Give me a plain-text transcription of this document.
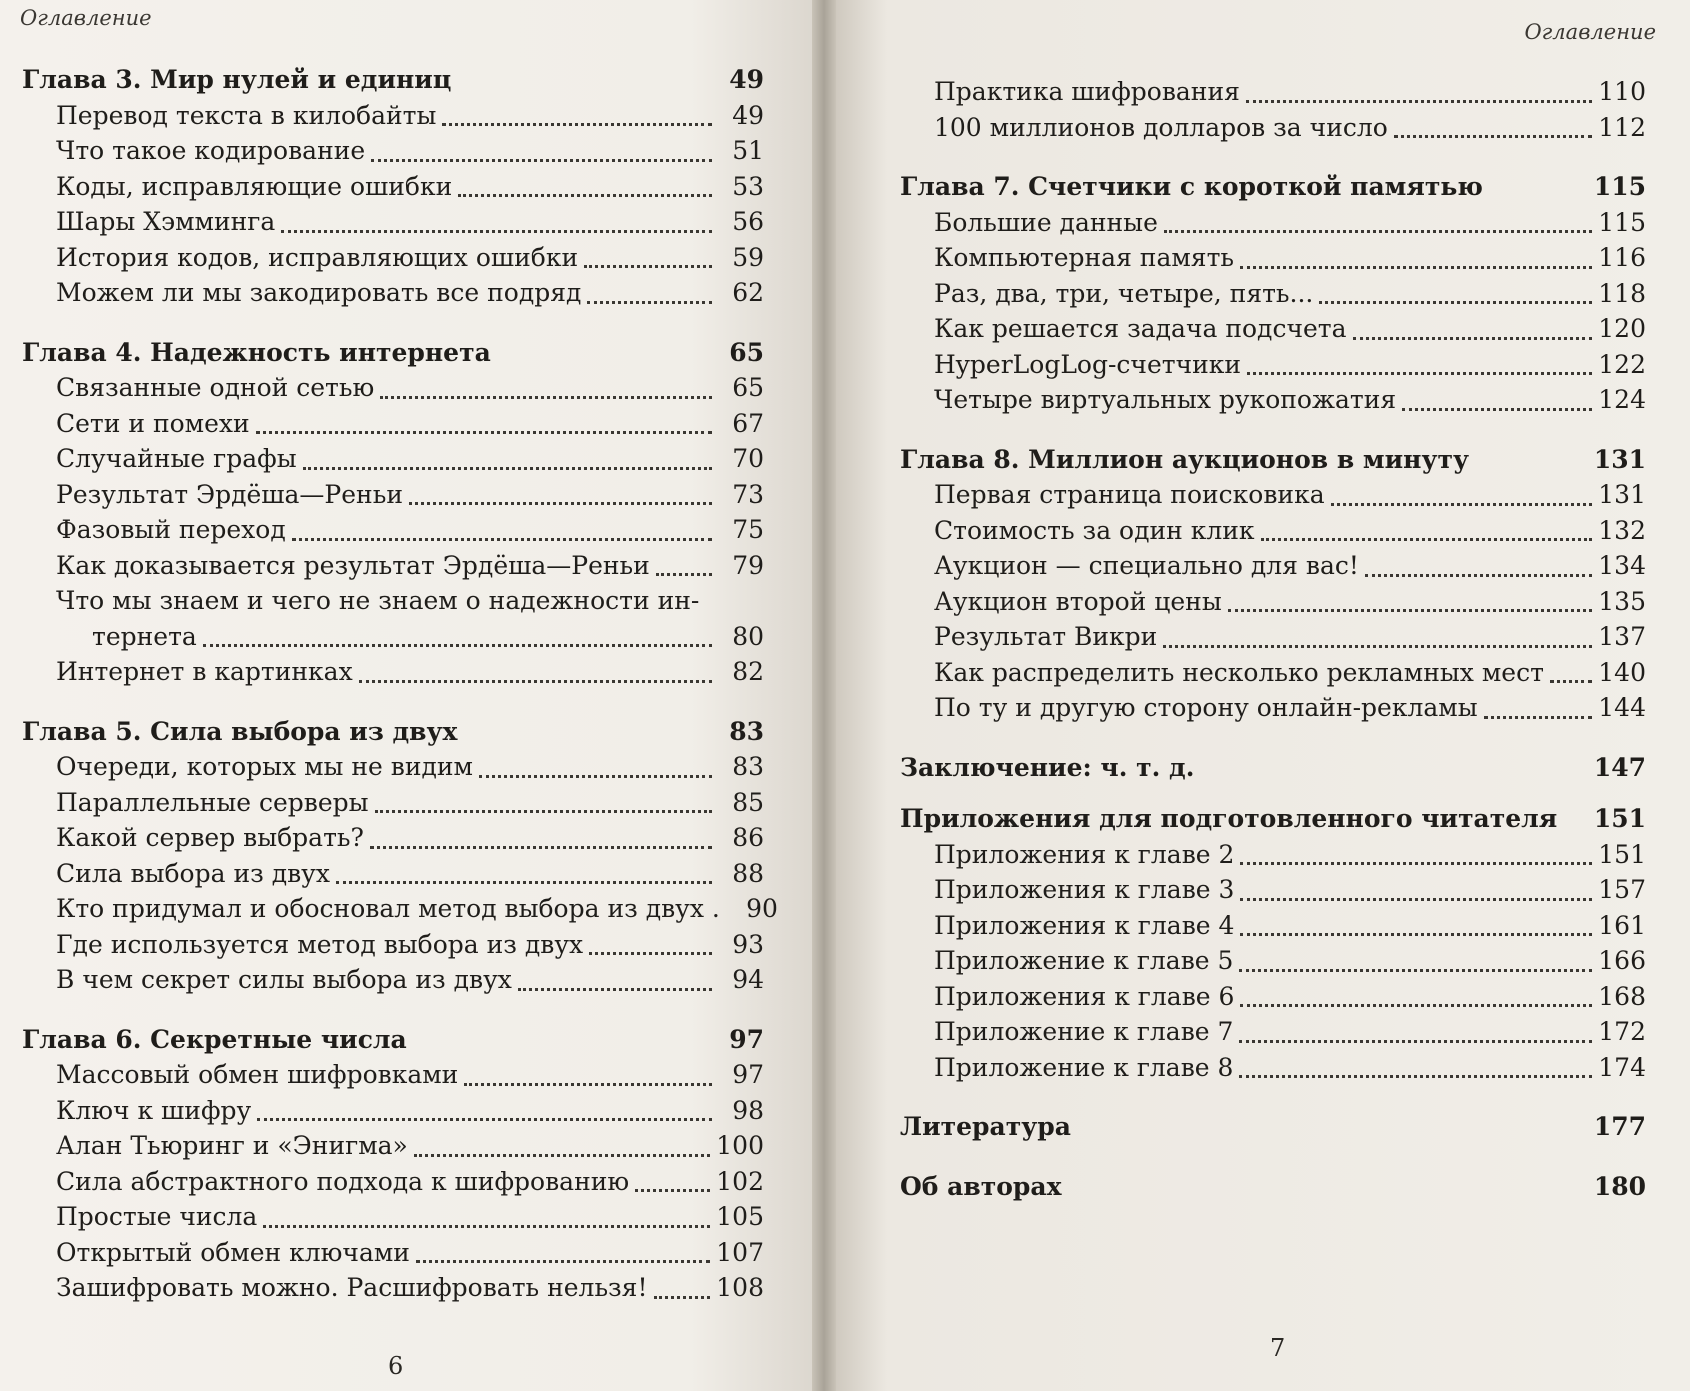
Оглавление
Глава 3. Мир нулей и единиц	49
Перевод текста в килобайты	49
Что такое кодирование	51
Коды, исправляющие ошибки	53
Шары Хэмминга	56
История кодов, исправляющих ошибки	59
Можем ли мы закодировать все подряд	62
Глава 4. Надежность интернета	65
Связанные одной сетью	65
Сети и помехи	67
Случайные графы	70
Результат Эрдёша—Реньи	73
Фазовый переход	75
Как доказывается результат Эрдёша—Реньи	79
Что мы знаем и чего не знаем о надежности ин-
тернета	80
Интернет в картинках	82
Глава 5. Сила выбора из двух	83
Очереди, которых мы не видим	83
Параллельные серверы	85
Какой сервер выбрать?	86
Сила выбора из двух	88
Кто придумал и обосновал метод выбора из двух .	90
Где используется метод выбора из двух	93
В чем секрет силы выбора из двух	94
Глава 6. Секретные числа	97
Массовый обмен шифровками	97
Ключ к шифру	98
Алан Тьюринг и «Энигма»	100
Сила абстрактного подхода к шифрованию	102
Простые числа	105
Открытый обмен ключами	107
Зашифровать можно. Расшифровать нельзя!	108
6
Оглавление
Практика шифрования	110
100 миллионов долларов за число	112
Глава 7. Счетчики с короткой памятью	115
Большие данные	115
Компьютерная память	116
Раз, два, три, четыре, пять...	118
Как решается задача подсчета	120
HyperLogLog-счетчики	122
Четыре виртуальных рукопожатия	124
Глава 8. Миллион аукционов в минуту	131
Первая страница поисковика	131
Стоимость за один клик	132
Аукцион — специально для вас!	134
Аукцион второй цены	135
Результат Викри	137
Как распределить несколько рекламных мест 140
По ту и другую сторону онлайн-рекламы	144
Заключение: ч. т. д.	147
Приложения для подготовленного читателя 151
Приложения к главе 2	151
Приложения к главе 3	157
Приложения к главе 4	161
Приложение к главе 5	166
Приложения к главе 6	168
Приложение к главе 7	172
Приложение к главе 8	174
Литература	177
Об авторах	180
7
